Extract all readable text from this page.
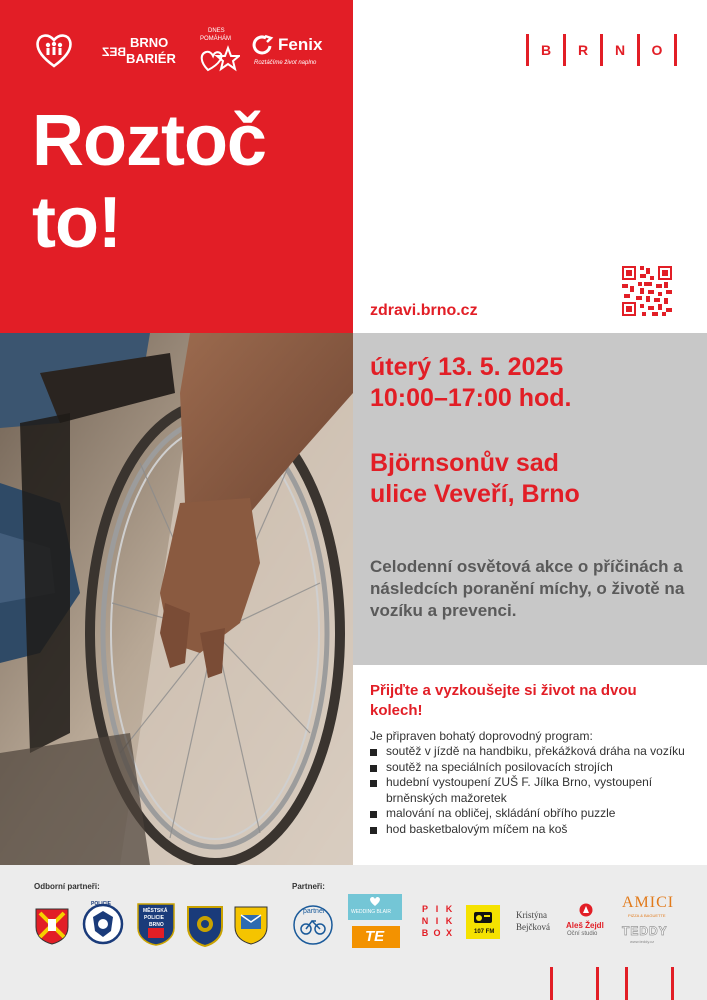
BEZ
BRNO
BARIÉR
DNES
POMÁHÁM	Fenix
Roztáčíme život naplno
Roztoč
to!
B	R	N	O
zdravi.brno.cz
úterý 13. 5. 2025
10:00–17:00 hod.
Björnsonův sad
ulice Veveří, Brno
Celodenní osvětová akce o příčinách a následcích poranění míchy, o životě na vozíku a prevenci.
Přijďte a vyzkoušejte si život na dvou kolech!
Je připraven bohatý doprovodný program:
soutěž v jízdě na handbiku, překážková dráha na vozíku
soutěž na speciálních posilovacích strojích
hudební vystoupení ZUŠ F. Jílka Brno, vystoupení brněnských mažoretek
malování na obličej, skládání obřího puzzle
hod basketbalovým míčem na koš
Odborní partneři:	Partneři:
POLICIE
MĚSTSKÁ
POLICIE
BRNO
partner	WEDDING BLAIR
TE
P I K
N I K
B O X	107 FM
Kristýna
Bejčková	Aleš Žejdl
Oční studio
AMICI
PIZZA & BAGUETTE
TEDDY
www.teddy.cz
